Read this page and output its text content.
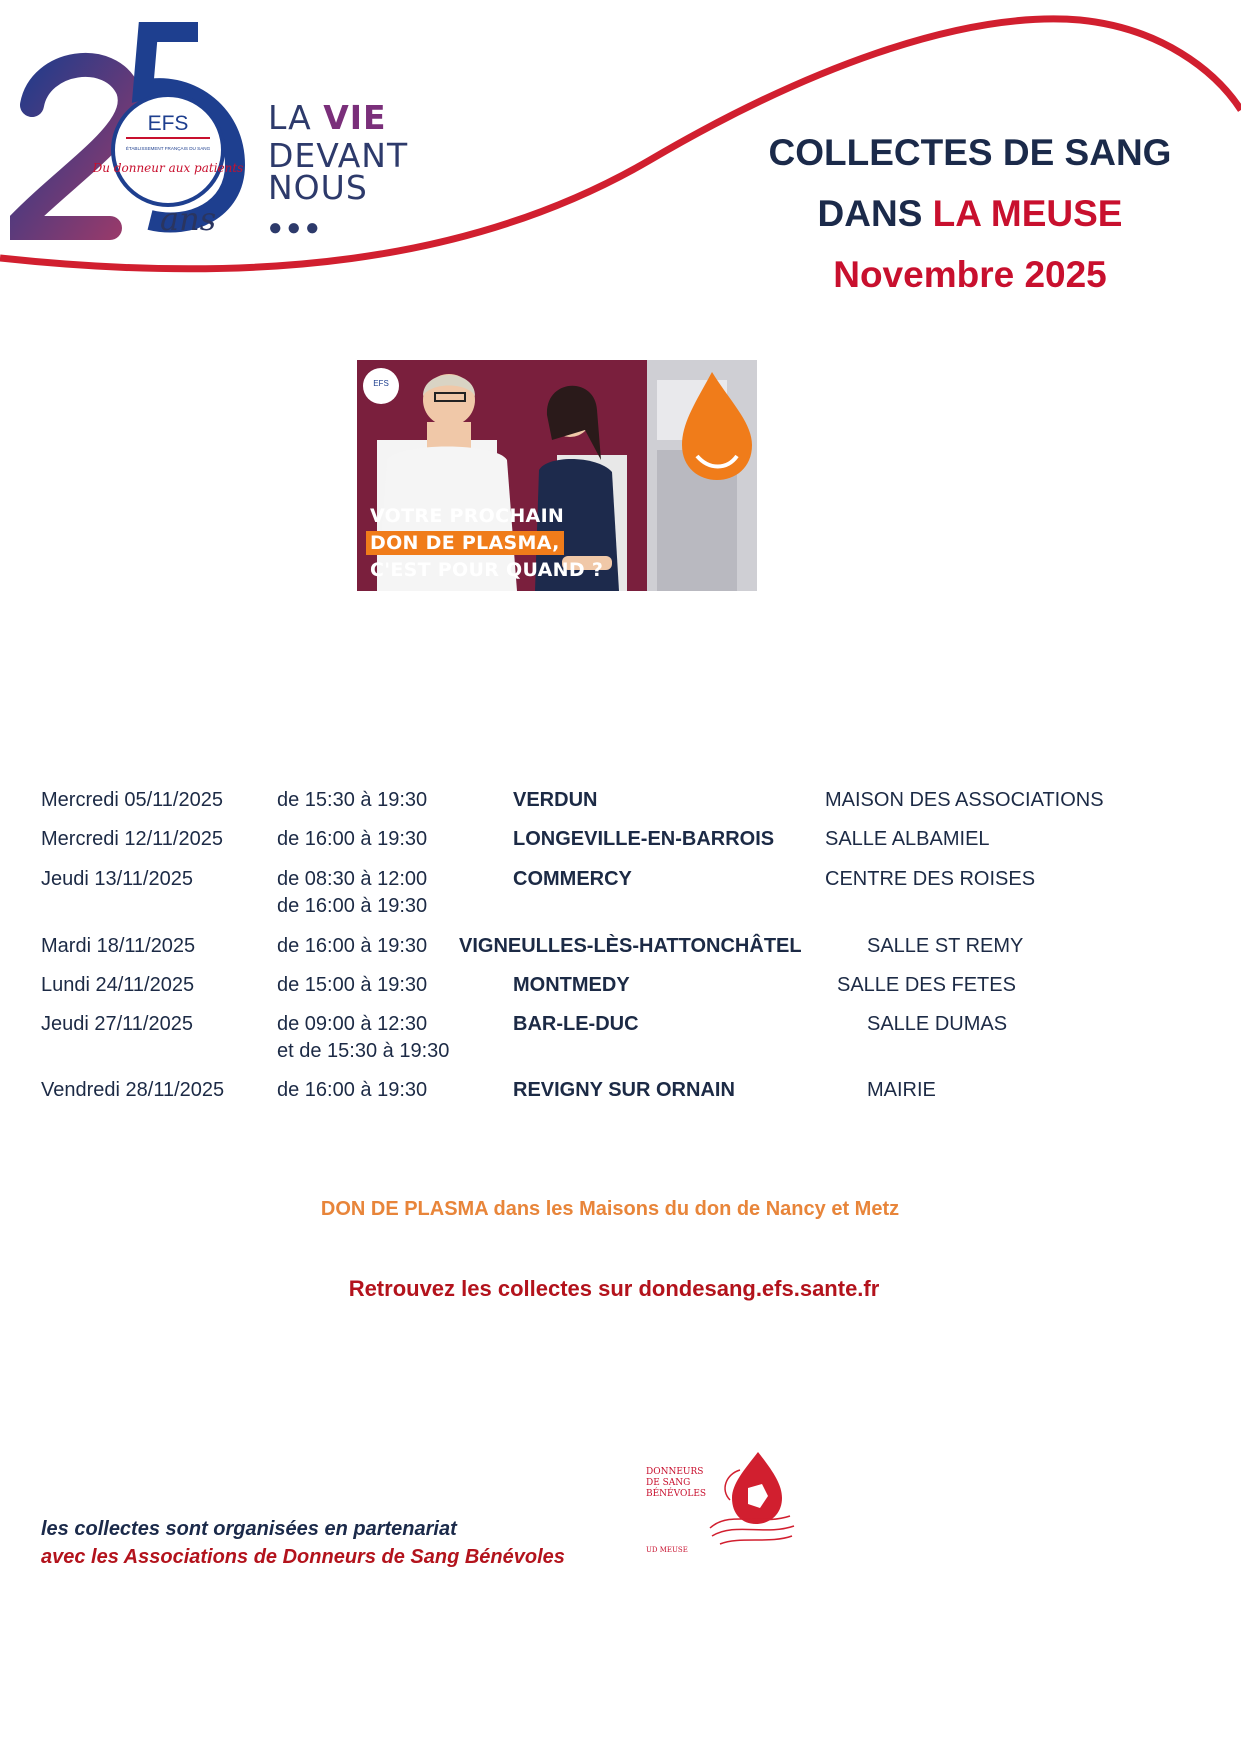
EFS
ÉTABLISSEMENT FRANÇAIS DU SANG
Du donneur aux patients
ans
LA VIE
DEVANT
NOUS
●●●
COLLECTES DE SANG
DANS LA MEUSE
Novembre 2025
EFS
VOTRE PROCHAIN
DON DE PLASMA,
C'EST POUR QUAND ?
Mercredi 05/11/2025	de 15:30 à 19:30	VERDUN	MAISON DES ASSOCIATIONS
Mercredi 12/11/2025	de 16:00 à 19:30	LONGEVILLE-EN-BARROIS	SALLE ALBAMIEL
Jeudi 13/11/2025	de 08:30 à 12:00	COMMERCY	CENTRE DES ROISES
de 16:00 à 19:30
Mardi 18/11/2025	de 16:00 à 19:30 VIGNEULLES-LÈS-HATTONCHÂTEL	SALLE ST REMY
Lundi 24/11/2025	de 15:00 à 19:30	MONTMEDY	SALLE DES FETES
Jeudi 27/11/2025	de 09:00 à 12:30	BAR-LE-DUC	SALLE DUMAS
et de 15:30 à 19:30
Vendredi 28/11/2025	de 16:00 à 19:30	REVIGNY SUR ORNAIN	MAIRIE
DON DE PLASMA dans les Maisons du don de Nancy et Metz
Retrouvez les collectes sur dondesang.efs.sante.fr
les collectes sont organisées en partenariat
avec les Associations de Donneurs de Sang Bénévoles
DONNEURS
DE SANG
BÉNÉVOLES
UD MEUSE
